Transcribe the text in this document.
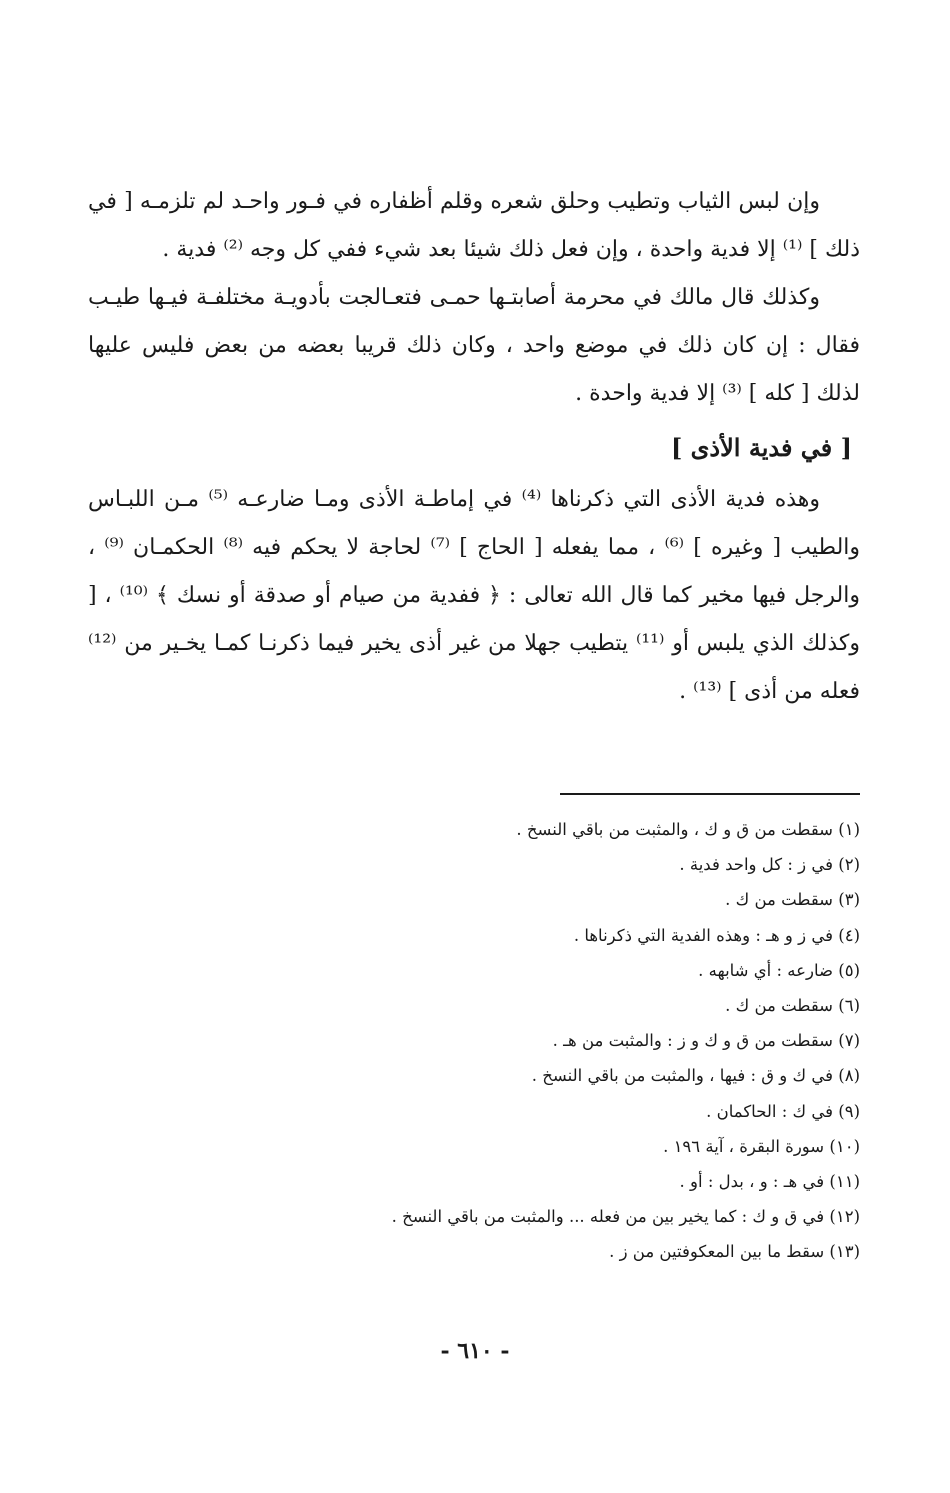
وإن لبس الثياب وتطيب وحلق شعره وقلم أظفاره في فـور واحـد لم تلزمـه [ في ذلك ] ⁽¹⁾ إلا فدية واحدة ، وإن فعل ذلك شيئا بعد شيء ففي كل وجه ⁽²⁾ فدية .

وكذلك قال مالك في محرمة أصابتـها حمـى فتعـالجت بأدويـة مختلفـة فيـها طيـب فقال : إن كان ذلك في موضع واحد ، وكان ذلك قريبا بعضه من بعض فليس عليها لذلك [ كله ] ⁽³⁾ إلا فدية واحدة .

[ في فدية الأذى ]

وهذه فدية الأذى التي ذكرناها ⁽⁴⁾ في إماطـة الأذى ومـا ضارعـه ⁽⁵⁾ مـن اللبـاس والطيب [ وغيره ] ⁽⁶⁾ ، مما يفعله [ الحاج ] ⁽⁷⁾ لحاجة لا يحكم فيه ⁽⁸⁾ الحكمـان ⁽⁹⁾ ، والرجل فيها مخير كما قال الله تعالى : ﴿ ففدية من صيام أو صدقة أو نسك ﴾ ⁽¹⁰⁾ ، [ وكذلك الذي يلبس أو ⁽¹¹⁾ يتطيب جهلا من غير أذى يخير فيما ذكرنـا كمـا يخـير من ⁽¹²⁾ فعله من أذى ] ⁽¹³⁾ .

(١) سقطت من ق و ك ، والمثبت من باقي النسخ .
(٢) في ز : كل واحد فدية .
(٣) سقطت من ك .
(٤) في ز و هـ : وهذه الفدية التي ذكرناها .
(٥) ضارعه : أي شابهه .
(٦) سقطت من ك .
(٧) سقطت من ق و ك و ز : والمثبت من هـ .
(٨) في ك و ق : فيها ، والمثبت من باقي النسخ .
(٩) في ك : الحاكمان .
(١٠) سورة البقرة ، آية ١٩٦ .
(١١) في هـ : و ، بدل : أو .
(١٢) في ق و ك : كما يخير بين من فعله ... والمثبت من باقي النسخ .
(١٣) سقط ما بين المعكوفتين من ز .
- ٦١٠ -
